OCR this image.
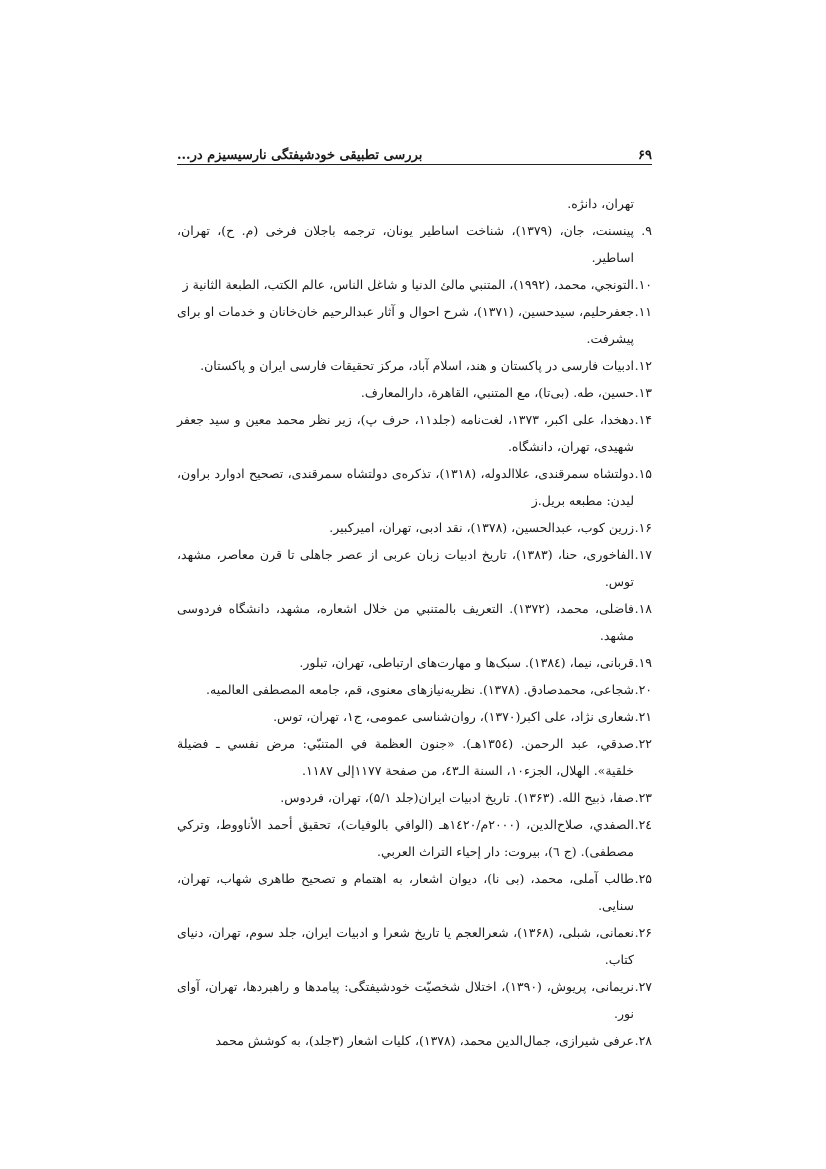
۶۹
بررسی تطبیقی خودشیفتگی نارسیسیزم در...

تهران، دانژه.

۹.
پینسنت، جان، (۱۳۷۹)، شناخت اساطیر یونان، ترجمه باجلان فرخی (م. ح)، تهران، اساطیر.

۱۰.
التونجي، محمد، (۱۹۹۲)، المتنبي مالئ الدنيا و شاغل الناس، عالم الكتب، الطبعة الثانية ز

۱۱.
جعفرحلیم، سیدحسین، (۱۳۷۱)، شرح احوال و آثار عبدالرحیم خان‌خانان و خدمات او برای پیشرفت.

۱۲.
ادبیات فارسی در پاکستان و هند، اسلام آباد، مرکز تحقیقات فارسی ایران و پاکستان.

۱۳.
حسين، طه. (بی‌تا)، مع المتنبي، القاهرة، دارالمعارف.

۱۴.
دهخدا، علی اکبر، ۱۳۷۳، لغت‌نامه (جلد۱۱، حرف پ)، زیر نظر محمد معین و سید جعفر شهیدی، تهران، دانشگاه.

۱۵.
دولتشاه سمرقندی، علاالدوله، (۱۳۱۸)، تذکره‌ی دولتشاه سمرقندی، تصحیح ادوارد براون، لیدن: مطبعه بریل.ز

۱۶.
زرین کوب، عبدالحسین، (۱۳۷۸)، نقد ادبی، تهران، امیرکبیر.

۱۷.
الفاخوری، حنا، (۱۳۸۳)، تاریخ ادبیات زبان عربی از عصر جاهلی تا قرن معاصر، مشهد، توس.

۱۸.
فاضلی، محمد، (۱۳۷۲). التعريف بالمتنبي من خلال اشعاره، مشهد، دانشگاه فردوسی مشهد.

۱۹.
قربانی، نیما، (۱۳۸٤). سبک‌ها و مهارت‌های ارتباطی، تهران، تبلور.

۲۰.
شجاعی، محمدصادق. (۱۳۷۸). نظریه‌نیازهای معنوی، قم، جامعه المصطفی العالمیه.

۲۱.
شعاری نژاد، علی اکبر(۱۳۷۰)، روان‌شناسی عمومی، ج۱، تهران، توس.

۲۲.
صدقي، عبد الرحمن. (۱۳٥٤هـ). «جنون العظمة في المتنبّي: مرض نفسي ـ فضيلة خلقية». الهلال، الجزء۱۰، السنة الـ٤٣، من صفحة ۱۱۷۷إلى ۱۱۸۷.

۲۳.
صفا، ذبیح الله. (۱۳۶۳). تاریخ ادبیات ایران(جلد ۵/۱)، تهران، فردوس.

۲٤.
الصفدي، صلاح‌الدين، (۲۰۰۰م/۱٤۲۰هـ (الوافي بالوفيات)، تحقيق أحمد الأناووط، وتركي مصطفى). (ج ٦)، بيروت: دار إحياء التراث العربي.

۲۵.
طالب آملی، محمد، (بی نا)، دیوان اشعار، به اهتمام و تصحیح طاهری شهاب، تهران، سنایی.

۲۶.
نعمانی، شبلی، (۱۳۶۸)، شعرالعجم یا تاریخ شعرا و ادبیات ایران، جلد سوم، تهران، دنیای کتاب.

۲۷.
نریمانی، پریوش، (۱۳۹۰)، اختلال شخصیّت خودشیفتگی: پیامدها و راهبردها، تهران، آوای نور.

۲۸.
عرفی شیرازی، جمال‌الدین محمد، (۱۳۷۸)، کلیات اشعار (۳جلد)، به کوشش محمد
